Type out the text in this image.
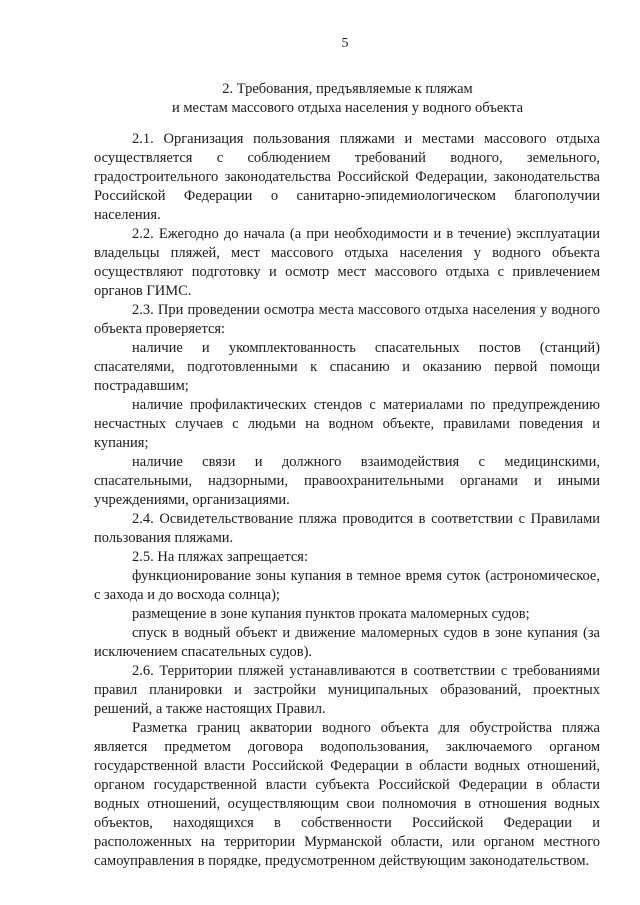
5
2. Требования, предъявляемые к пляжам
и местам массового отдыха населения у водного объекта

2.1. Организация пользования пляжами и местами массового отдыха осуществляется с соблюдением требований водного, земельного, градостроительного законодательства Российской Федерации, законодательства Российской Федерации о санитарно-эпидемиологическом благополучии населения.

2.2. Ежегодно до начала (а при необходимости и в течение) эксплуатации владельцы пляжей, мест массового отдыха населения у водного объекта осуществляют подготовку и осмотр мест массового отдыха с привлечением органов ГИМС.

2.3. При проведении осмотра места массового отдыха населения у водного объекта проверяется:

наличие и укомплектованность спасательных постов (станций) спасателями, подготовленными к спасанию и оказанию первой помощи пострадавшим;

наличие профилактических стендов с материалами по предупреждению несчастных случаев с людьми на водном объекте, правилами поведения и купания;

наличие связи и должного взаимодействия с медицинскими, спасательными, надзорными, правоохранительными органами и иными учреждениями, организациями.

2.4. Освидетельствование пляжа проводится в соответствии с Правилами пользования пляжами.

2.5. На пляжах запрещается:

функционирование зоны купания в темное время суток (астрономическое, с захода и до восхода солнца);

размещение в зоне купания пунктов проката маломерных судов;

спуск в водный объект и движение маломерных судов в зоне купания (за исключением спасательных судов).

2.6. Территории пляжей устанавливаются в соответствии с требованиями правил планировки и застройки муниципальных образований, проектных решений, а также настоящих Правил.

Разметка границ акватории водного объекта для обустройства пляжа является предметом договора водопользования, заключаемого органом государственной власти Российской Федерации в области водных отношений, органом государственной власти субъекта Российской Федерации в области водных отношений, осуществляющим свои полномочия в отношения водных объектов, находящихся в собственности Российской Федерации и расположенных на территории Мурманской области, или органом местного самоуправления в порядке, предусмотренном действующим законодательством.
